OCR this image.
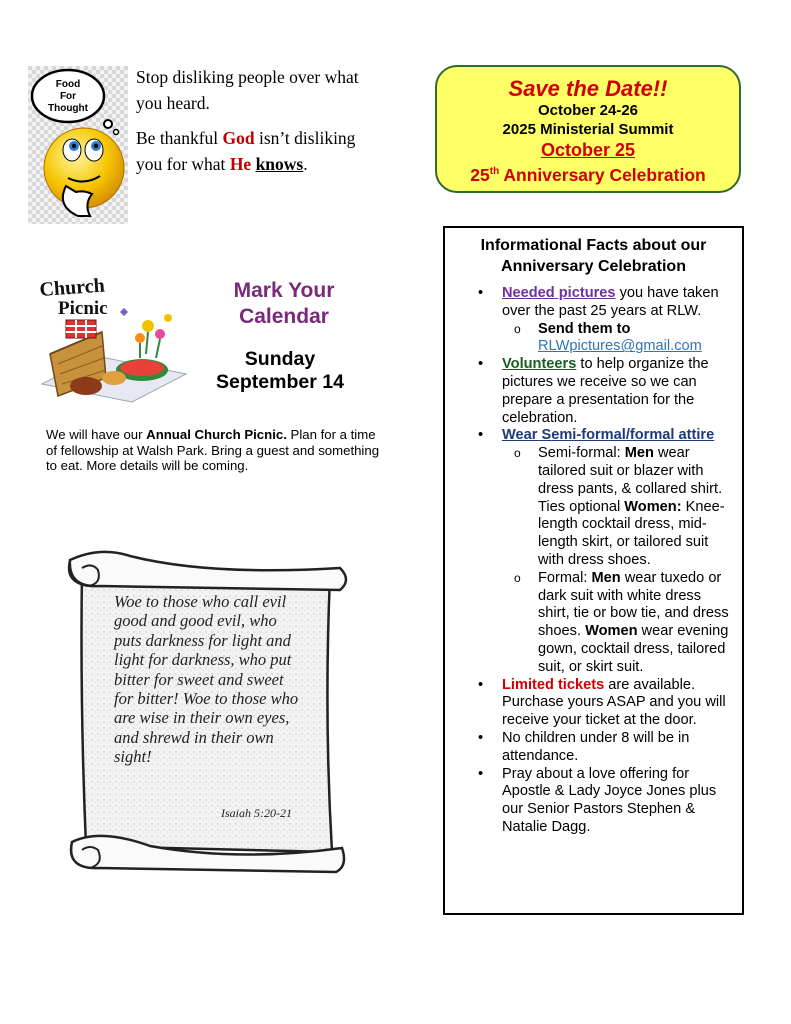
Food
For
Thought

Stop disliking people over what you heard.

Be thankful God isn’t disliking you for what He knows.

Save the Date!!
October 24-26
2025 Ministerial Summit
October 25
25th Anniversary Celebration
Church
Picnic
Mark Your
Calendar
Sunday
September 14
We will have our Annual Church Picnic. Plan for a time of fellowship at Walsh Park. Bring a guest and something to eat. More details will be coming.
Woe to those who call evil good and good evil, who puts darkness for light and light for darkness, who put bitter for sweet and sweet for bitter! Woe to those who are wise in their own eyes, and shrewd in their own sight!
Isaiah 5:20-21
Informational Facts about our Anniversary Celebration
• Needed pictures you have taken over the past 25 years at RLW.
o Send them to
RLWpictures@gmail.com
• Volunteers to help organize the pictures we receive so we can prepare a presentation for the celebration.
• Wear Semi-formal/formal attire
o Semi-formal: Men wear tailored suit or blazer with dress pants, & collared shirt. Ties optional Women: Knee-length cocktail dress, mid-length skirt, or tailored suit with dress shoes.
o Formal: Men wear tuxedo or dark suit with white dress shirt, tie or bow tie, and dress shoes. Women wear evening gown, cocktail dress, tailored suit, or skirt suit.
• Limited tickets are available. Purchase yours ASAP and you will receive your ticket at the door.
• No children under 8 will be in attendance.
• Pray about a love offering for Apostle & Lady Joyce Jones plus our Senior Pastors Stephen & Natalie Dagg.
